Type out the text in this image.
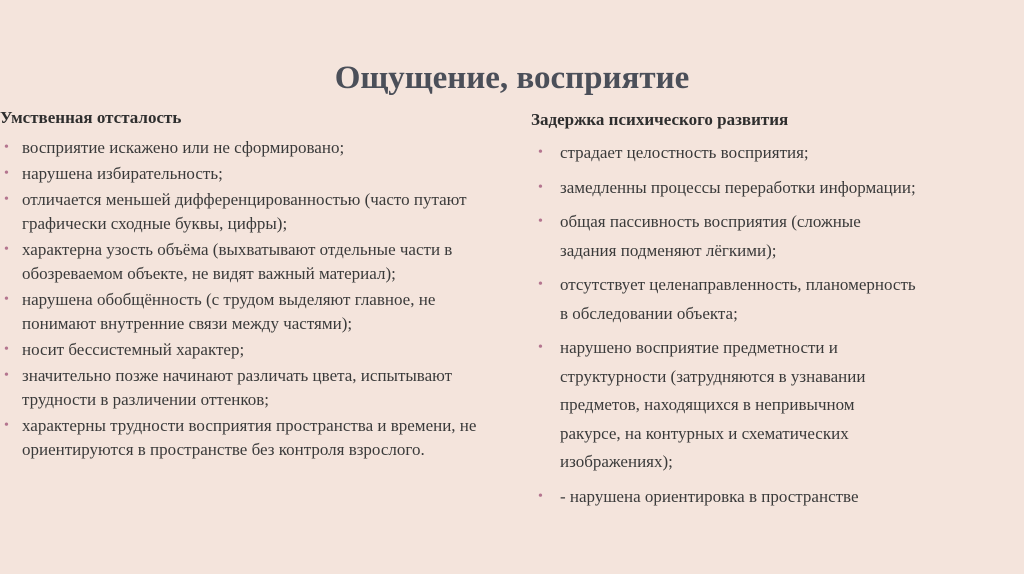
Ощущение, восприятие
Умственная отсталость
• восприятие искажено или не сформировано;
• нарушена избирательность;
• отличается меньшей дифференцированностью (часто путают графически сходные буквы, цифры);
• характерна узость объёма (выхватывают отдельные части в обозреваемом объекте, не видят важный материал);
• нарушена обобщённость (с трудом выделяют главное, не понимают внутренние связи между частями);
• носит бессистемный характер;
• значительно позже начинают различать цвета, испытывают трудности в различении оттенков;
• характерны трудности восприятия пространства и времени, не ориентируются в пространстве без контроля взрослого.
Задержка психического развития
• страдает целостность восприятия;
• замедленны процессы переработки информации;
• общая пассивность восприятия (сложные задания подменяют лёгкими);
• отсутствует целенаправленность, планомерность в обследовании объекта;
• нарушено восприятие предметности и структурности (затрудняются в узнавании предметов, находящихся в непривычном ракурсе, на контурных и схематических изображениях);
• - нарушена ориентировка в пространстве
